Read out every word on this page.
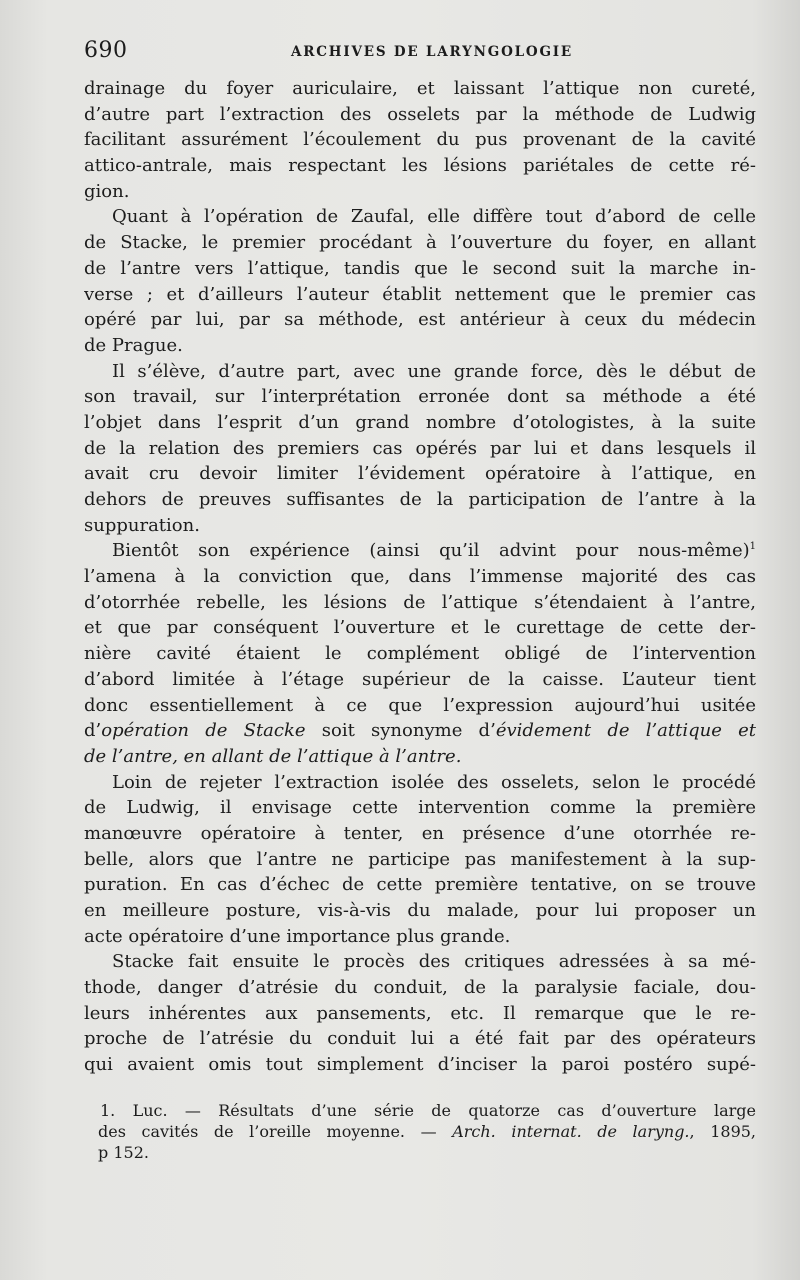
690	ARCHIVES DE LARYNGOLOGIE
drainage du foyer auriculaire, et laissant l’attique non cureté,
d’autre part l’extraction des osselets par la méthode de Ludwig
facilitant assurément l’écoulement du pus provenant de la cavité
attico-antrale, mais respectant les lésions pariétales de cette ré-
gion.
Quant à l’opération de Zaufal, elle diffère tout d’abord de celle
de Stacke, le premier procédant à l’ouverture du foyer, en allant
de l’antre vers l’attique, tandis que le second suit la marche in-
verse ; et d’ailleurs l’auteur établit nettement que le premier cas
opéré par lui, par sa méthode, est antérieur à ceux du médecin
de Prague.
Il s’élève, d’autre part, avec une grande force, dès le début de
son travail, sur l’interprétation erronée dont sa méthode a été
l’objet dans l’esprit d’un grand nombre d’otologistes, à la suite
de la relation des premiers cas opérés par lui et dans lesquels il
avait cru devoir limiter l’évidement opératoire à l’attique, en
dehors de preuves suffisantes de la participation de l’antre à la
suppuration.
Bientôt son expérience (ainsi qu’il advint pour nous-même)$^1$
l’amena à la conviction que, dans l’immense majorité des cas
d’otorrhée rebelle, les lésions de l’attique s’étendaient à l’antre,
et que par conséquent l’ouverture et le curettage de cette der-
nière cavité étaient le complément obligé de l’intervention
d’abord limitée à l’étage supérieur de la caisse. L’auteur tient
donc essentiellement à ce que l’expression aujourd’hui usitée
d’opération de Stacke soit synonyme d’évidement de l’attique et
de l’antre, en allant de l’attique à l’antre.
Loin de rejeter l’extraction isolée des osselets, selon le procédé
de Ludwig, il envisage cette intervention comme la première
manœuvre opératoire à tenter, en présence d’une otorrhée re-
belle, alors que l’antre ne participe pas manifestement à la sup-
puration. En cas d’échec de cette première tentative, on se trouve
en meilleure posture, vis-à-vis du malade, pour lui proposer un
acte opératoire d’une importance plus grande.
Stacke fait ensuite le procès des critiques adressées à sa mé-
thode, danger d’atrésie du conduit, de la paralysie faciale, dou-
leurs inhérentes aux pansements, etc. Il remarque que le re-
proche de l’atrésie du conduit lui a été fait par des opérateurs
qui avaient omis tout simplement d’inciser la paroi postéro supé-
1. Luc. — Résultats d’une série de quatorze cas d’ouverture large
des cavités de l’oreille moyenne. — Arch. internat. de laryng., 1895,
p 152.
